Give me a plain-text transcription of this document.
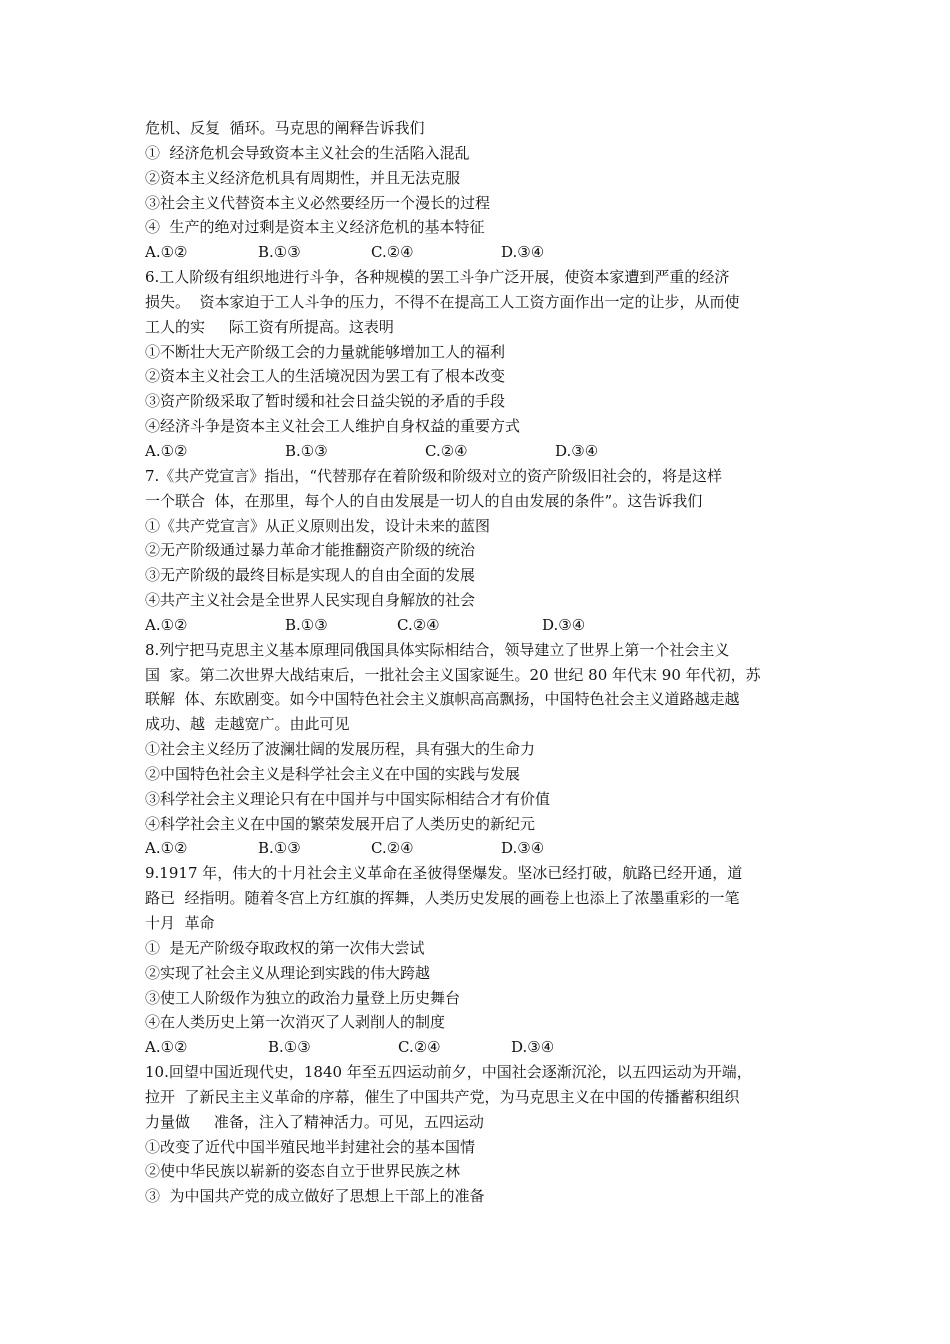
危机、反复  循环。马克思的阐释告诉我们
①  经济危机会导致资本主义社会的生活陷入混乱
②资本主义经济危机具有周期性，并且无法克服
③社会主义代替资本主义必然要经历一个漫长的过程
④  生产的绝对过剩是资本主义经济危机的基本特征
A.①②	B.①③	C.②④	D.③④
6.工人阶级有组织地进行斗争，各种规模的罢工斗争广泛开展，使资本家遭到严重的经济
损失。  资本家迫于工人斗争的压力，不得不在提高工人工资方面作出一定的让步，从而使
工人的实     际工资有所提高。这表明
①不断壮大无产阶级工会的力量就能够增加工人的福利
②资本主义社会工人的生活境况因为罢工有了根本改变
③资产阶级采取了暂时缓和社会日益尖锐的矛盾的手段
④经济斗争是资本主义社会工人维护自身权益的重要方式
A.①②	B.①③	C.②④	D.③④
7.《共产党宣言》指出，“代替那存在着阶级和阶级对立的资产阶级旧社会的，将是这样
一个联合  体，在那里，每个人的自由发展是一切人的自由发展的条件”。这告诉我们
①《共产党宣言》从正义原则出发，设计未来的蓝图
②无产阶级通过暴力革命才能推翻资产阶级的统治
③无产阶级的最终目标是实现人的自由全面的发展
④共产主义社会是全世界人民实现自身解放的社会
A.①②	B.①③	C.②④	D.③④
8.列宁把马克思主义基本原理同俄国具体实际相结合，领导建立了世界上第一个社会主义
国  家。第二次世界大战结束后，一批社会主义国家诞生。20 世纪 80 年代末 90 年代初，苏
联解  体、东欧剧变。如今中国特色社会主义旗帜高高飘扬，中国特色社会主义道路越走越
成功、越  走越宽广。由此可见
①社会主义经历了波澜壮阔的发展历程，具有强大的生命力
②中国特色社会主义是科学社会主义在中国的实践与发展
③科学社会主义理论只有在中国并与中国实际相结合才有价值
④科学社会主义在中国的繁荣发展开启了人类历史的新纪元
A.①②	B.①③	C.②④	D.③④
9.1917 年，伟大的十月社会主义革命在圣彼得堡爆发。坚冰已经打破，航路已经开通，道
路已  经指明。随着冬宫上方红旗的挥舞，人类历史发展的画卷上也添上了浓墨重彩的一笔
十月  革命
①  是无产阶级夺取政权的第一次伟大尝试
②实现了社会主义从理论到实践的伟大跨越
③使工人阶级作为独立的政治力量登上历史舞台
④在人类历史上第一次消灭了人剥削人的制度
A.①②	B.①③	C.②④	D.③④
10.回望中国近现代史，1840 年至五四运动前夕，中国社会逐渐沉沦，以五四运动为开端，
拉开  了新民主主义革命的序幕，催生了中国共产党，为马克思主义在中国的传播蓄积组织
力量做     准备，注入了精神活力。可见，五四运动
①改变了近代中国半殖民地半封建社会的基本国情
②使中华民族以崭新的姿态自立于世界民族之林
③  为中国共产党的成立做好了思想上干部上的准备
